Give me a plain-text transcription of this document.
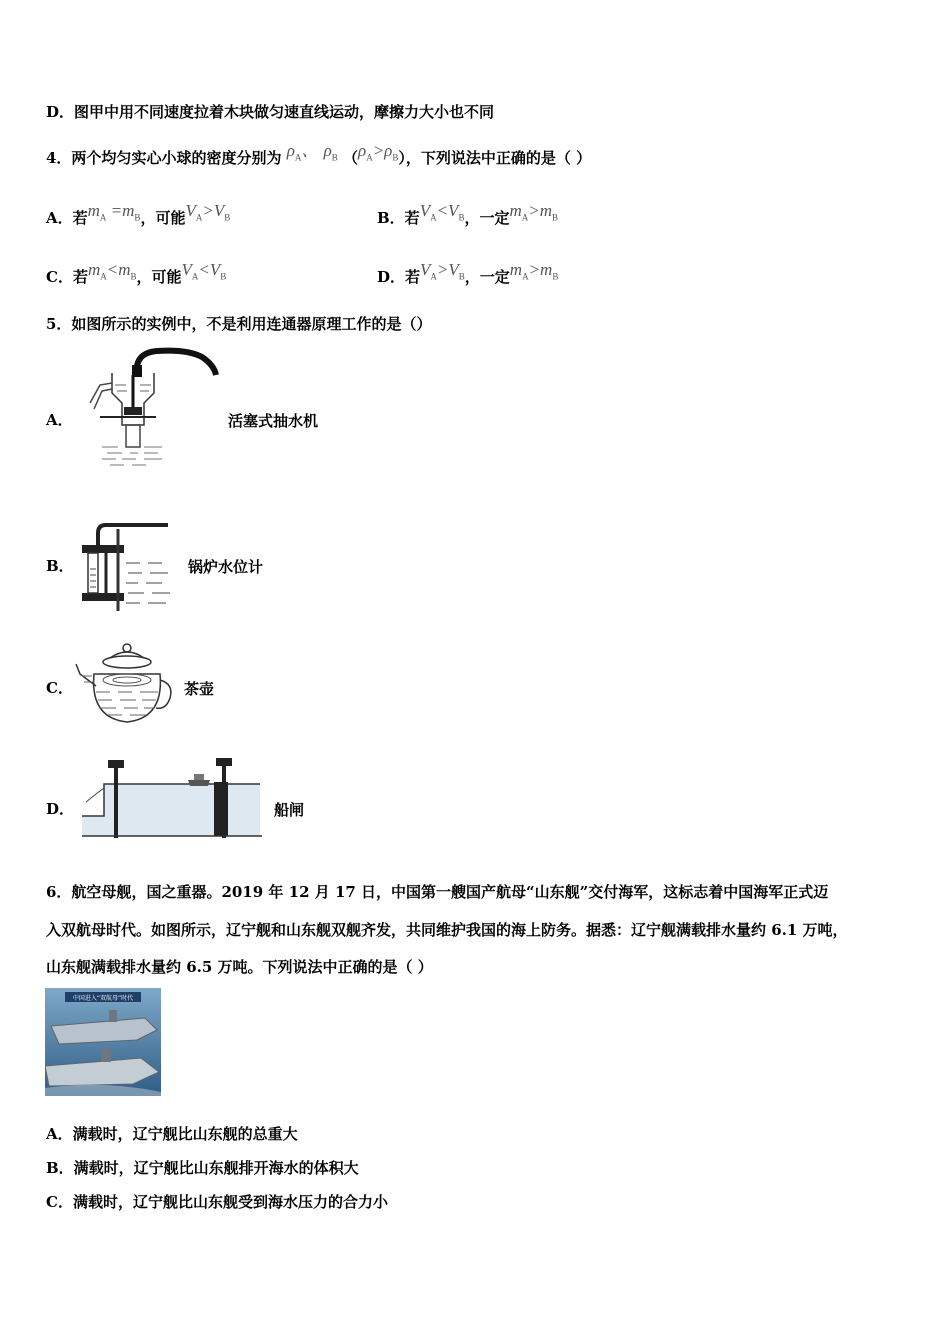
D．图甲中用不同速度拉着木块做匀速直线运动，摩擦力大小也不同
4．两个均匀实心小球的密度分别为 $\rho_A$、 $\rho_B$ $(\rho_A>\rho_B)$，下列说法中正确的是（ ）
A．若$m_A =m_B$，可能$V_A>V_B$	B．若$V_A<V_B$，一定$m_A>m_B$
C．若$m_A<m_B$，可能$V_A<V_B$	D．若$V_A>V_B$，一定$m_A>m_B$
5．如图所示的实例中，不是利用连通器原理工作的是（）
A．	活塞式抽水机
B．	锅炉水位计
C．	茶壶
D．	船闸
6．航空母舰，国之重器。2019 年 12 月 17 日，中国第一艘国产航母“山东舰”交付海军，这标志着中国海军正式迈
入双航母时代。如图所示，辽宁舰和山东舰双舰齐发，共同维护我国的海上防务。据悉：辽宁舰满载排水量约 6.1 万吨，
山东舰满载排水量约 6.5 万吨。下列说法中正确的是（ ）
中国进入“双航母”时代
A．满载时，辽宁舰比山东舰的总重大
B．满载时，辽宁舰比山东舰排开海水的体积大
C．满载时，辽宁舰比山东舰受到海水压力的合力小
